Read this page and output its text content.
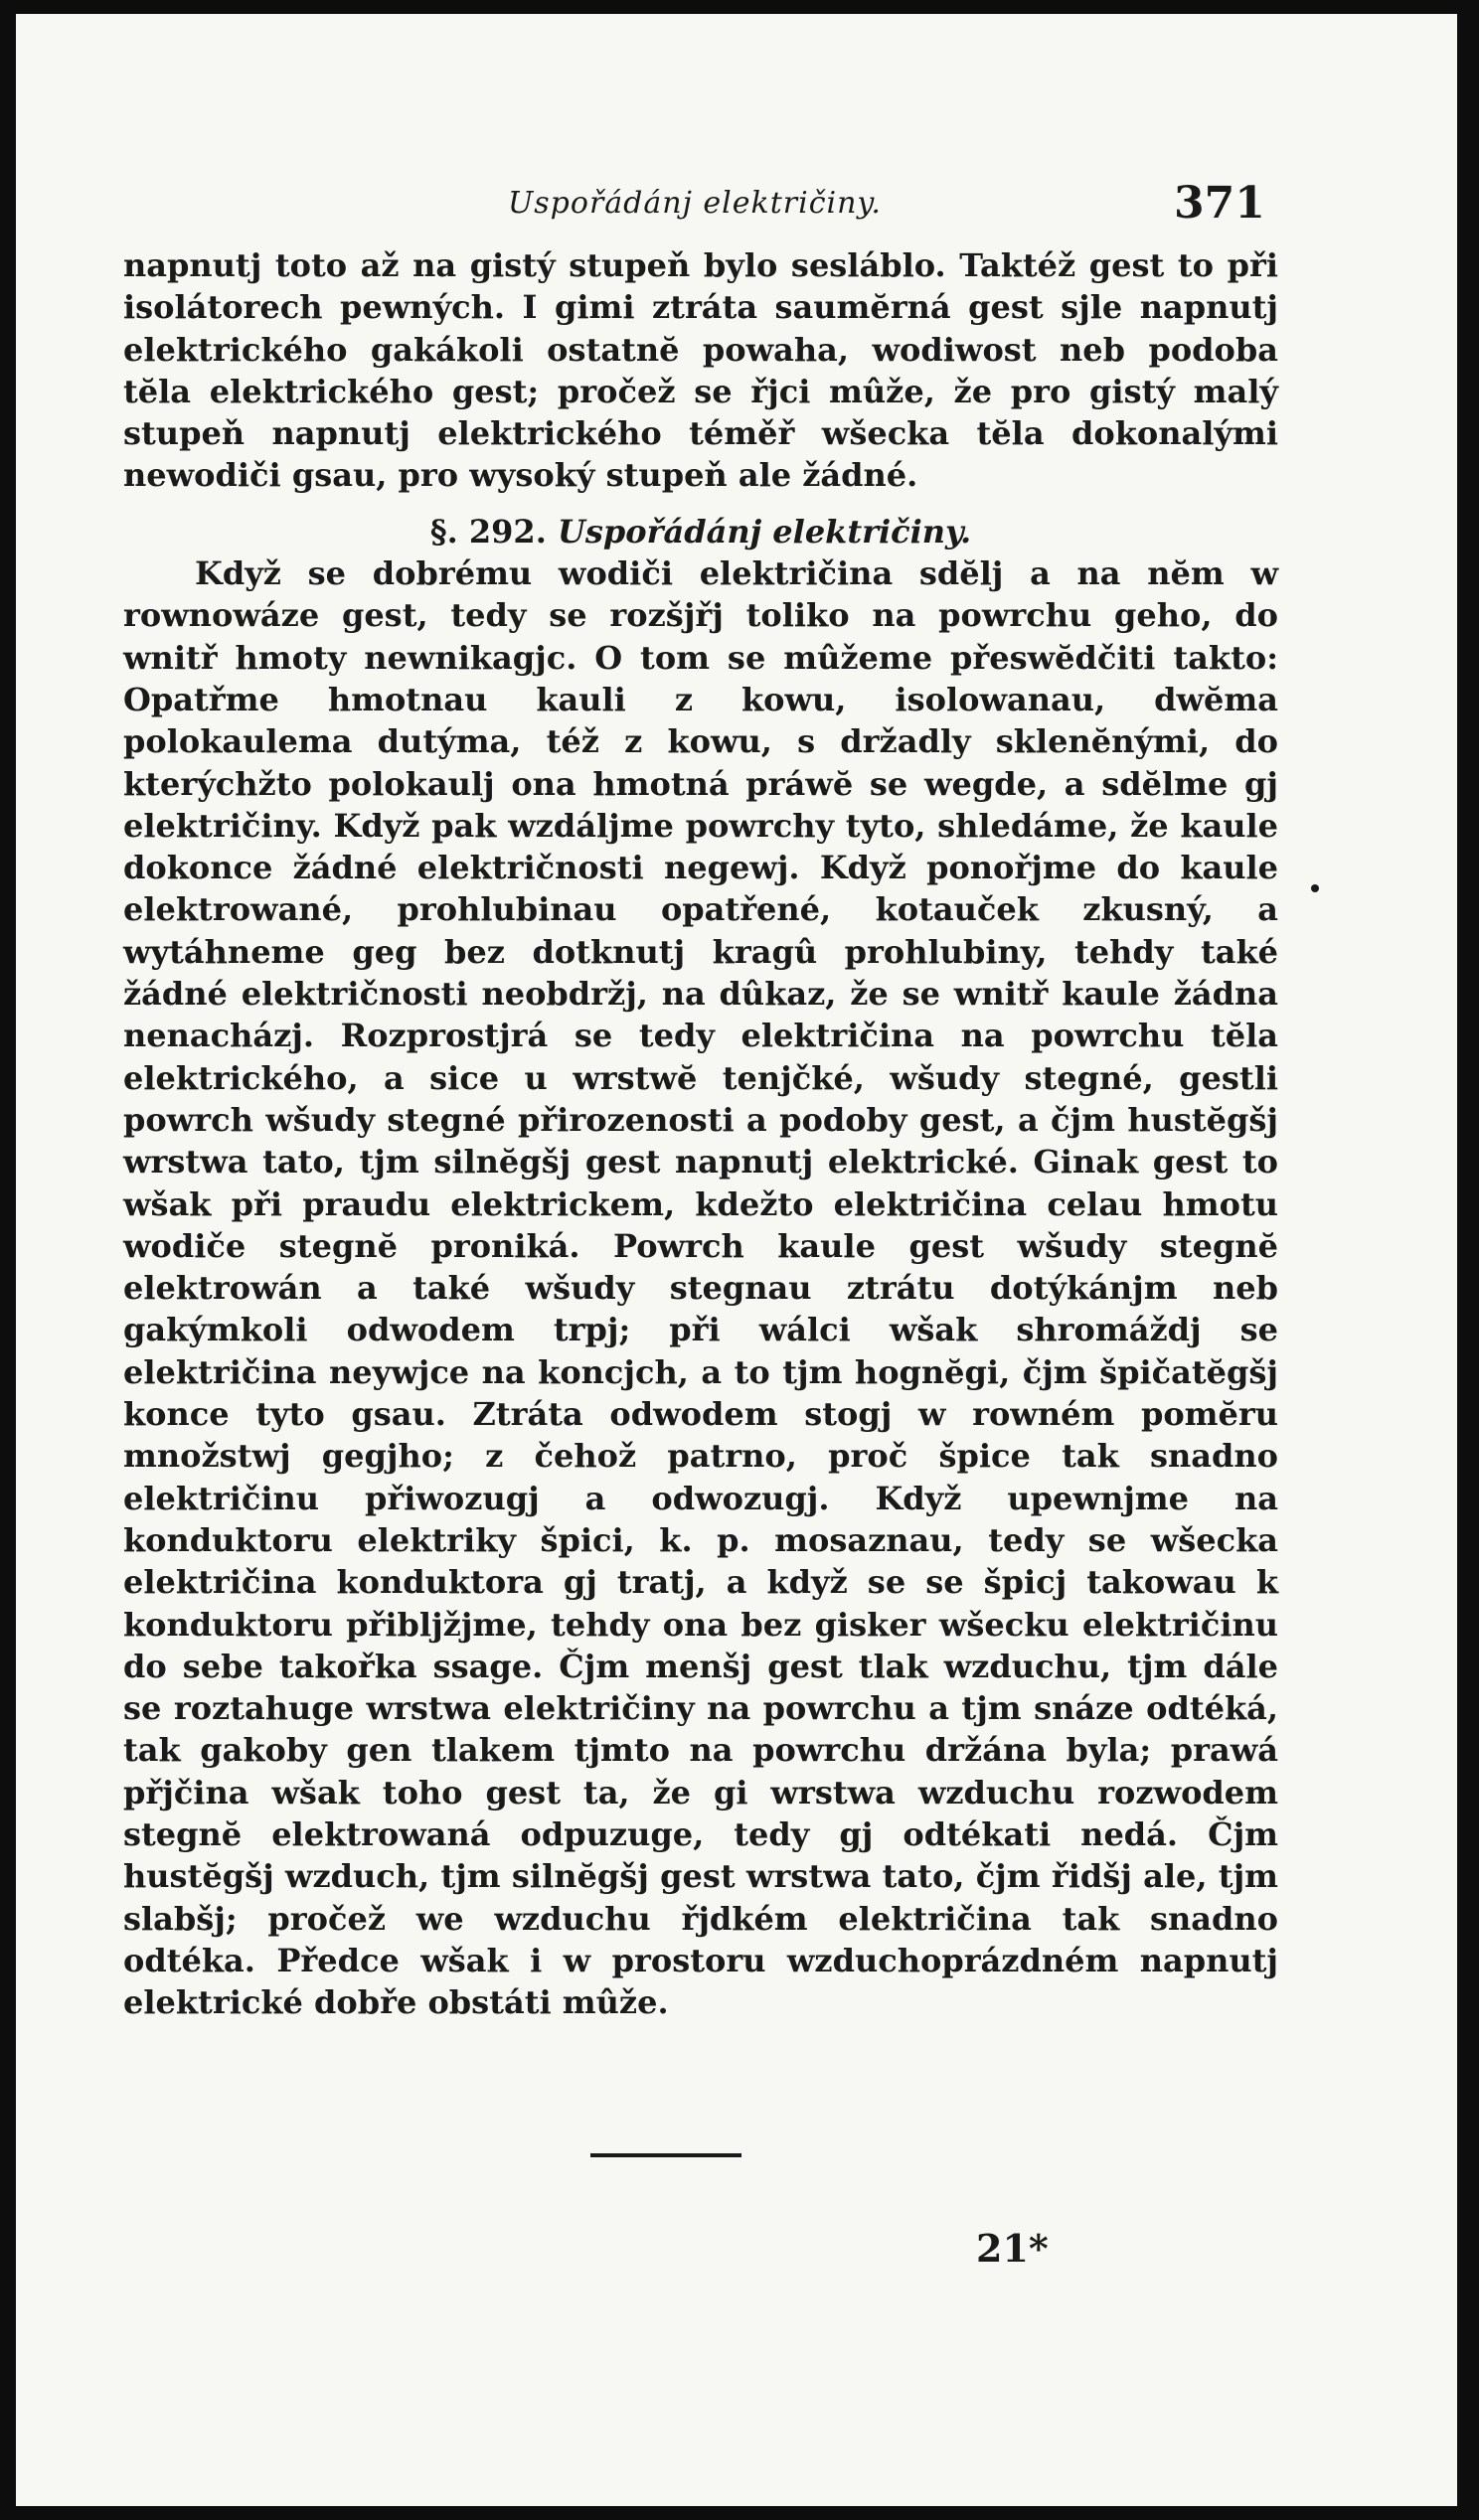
Uspořádánj električiny.	371

napnutj toto až na gistý stupeň bylo sesláblo. Taktéž gest to při isolátorech pewných. I gimi ztráta saumĕrná gest sjle napnutj elektrického gakákoli ostatnĕ powaha, wodiwost neb podoba tĕla elektrického gest; pročež se řjci mûže, že pro gistý malý stupeň napnutj elektrického téměř wšecka tĕla dokonalými newodiči gsau, pro wysoký stupeň ale žádné.

§. 292. Uspořádánj električiny.

Když se dobrému wodiči električina sdĕlj a na nĕm w rownowáze gest, tedy se rozšjřj toliko na powrchu geho, do wnitř hmoty newnikagjc. O tom se mûžeme přeswĕdčiti takto: Opatřme hmotnau kauli z kowu, isolowanau, dwĕma polokaulema dutýma, též z kowu, s držadly sklenĕnými, do kterýchžto polokaulj ona hmotná práwĕ se wegde, a sdĕlme gj električiny. Když pak wzdáljme powrchy tyto, shledáme, že kaule dokonce žádné električnosti negewj. Když ponořjme do kaule elektrowané, prohlubinau opatřené, kotauček zkusný, a wytáhneme geg bez dotknutj kragû prohlubiny, tehdy také žádné električnosti neobdržj, na dûkaz, že se wnitř kaule žádna nenacházj. Rozprostjrá se tedy električina na powrchu tĕla elektrického, a sice u wrstwĕ tenjčké, wšudy stegné, gestli powrch wšudy stegné přirozenosti a podoby gest, a čjm hustĕgšj wrstwa tato, tjm silnĕgšj gest napnutj elektrické. Ginak gest to wšak při praudu elektrickem, kdežto električina celau hmotu wodiče stegnĕ proniká. Powrch kaule gest wšudy stegnĕ elektrowán a také wšudy stegnau ztrátu dotýkánjm neb gakýmkoli odwodem trpj; při wálci wšak shromáždj se električina neywjce na koncjch, a to tjm hognĕgi, čjm špičatĕgšj konce tyto gsau. Ztráta odwodem stogj w rowném pomĕru množstwj gegjho; z čehož patrno, proč špice tak snadno električinu přiwozugj a odwozugj. Když upewnjme na konduktoru elektriky špici, k. p. mosaznau, tedy se wšecka električina konduktora gj tratj, a když se se špicj takowau k konduktoru přibljžjme, tehdy ona bez gisker wšecku električinu do sebe takořka ssage. Čjm menšj gest tlak wzduchu, tjm dále se roztahuge wrstwa električiny na powrchu a tjm snáze odtéká, tak gakoby gen tlakem tjmto na powrchu držána byla; prawá přjčina wšak toho gest ta, že gi wrstwa wzduchu rozwodem stegnĕ elektrowaná odpuzuge, tedy gj odtékati nedá. Čjm hustĕgšj wzduch, tjm silnĕgšj gest wrstwa tato, čjm řidšj ale, tjm slabšj; pročež we wzduchu řjdkém električina tak snadno odtéka. Předce wšak i w prostoru wzduchoprázdném napnutj elektrické dobře obstáti mûže.

21*
